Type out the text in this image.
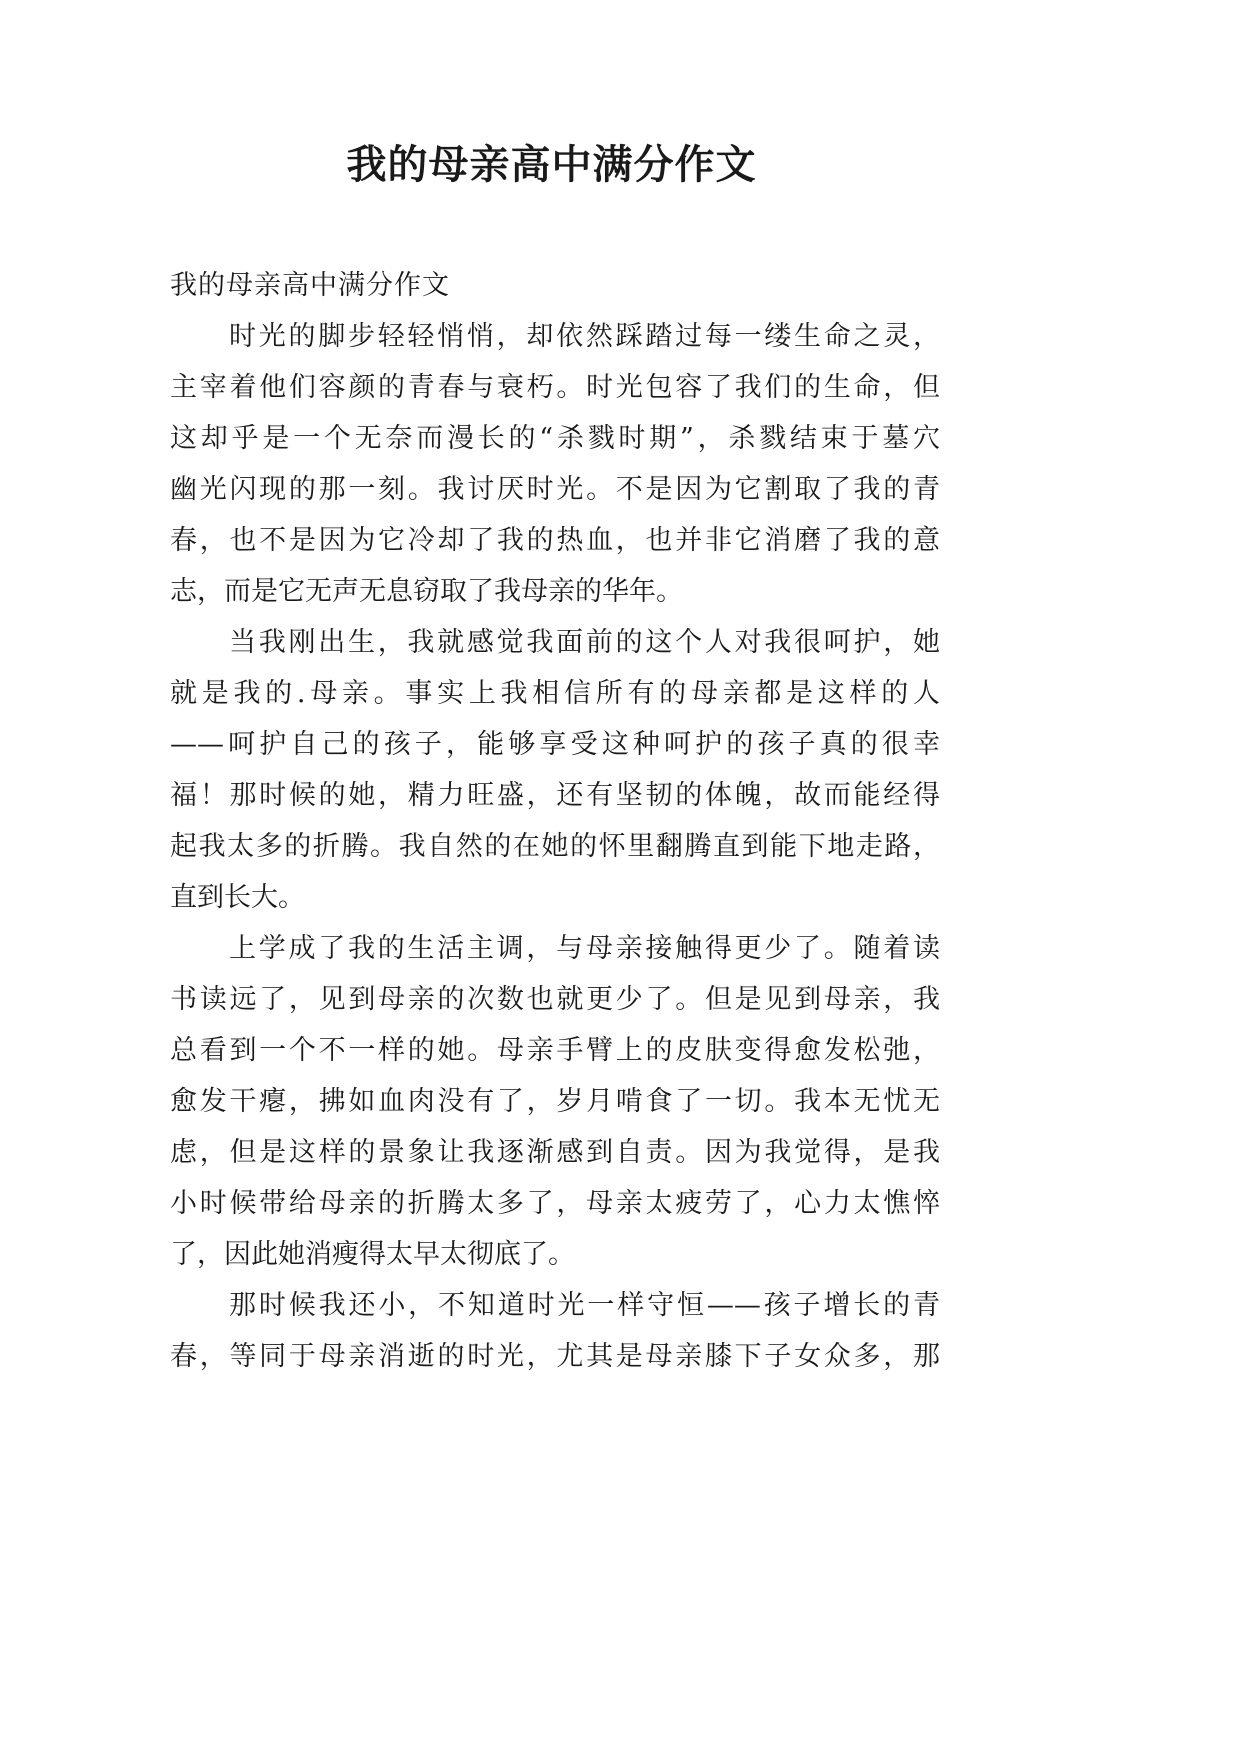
我的母亲高中满分作文
我的母亲高中满分作文
时光的脚步轻轻悄悄，却依然踩踏过每一缕生命之灵，
主宰着他们容颜的青春与衰朽。时光包容了我们的生命，但
这却乎是一个无奈而漫长的“杀戮时期”，杀戮结束于墓穴
幽光闪现的那一刻。我讨厌时光。不是因为它割取了我的青
春，也不是因为它冷却了我的热血，也并非它消磨了我的意
志，而是它无声无息窃取了我母亲的华年。
当我刚出生，我就感觉我面前的这个人对我很呵护，她
就是我的.母亲。事实上我相信所有的母亲都是这样的人
——呵护自己的孩子，能够享受这种呵护的孩子真的很幸
福！那时候的她，精力旺盛，还有坚韧的体魄，故而能经得
起我太多的折腾。我自然的在她的怀里翻腾直到能下地走路，
直到长大。
上学成了我的生活主调，与母亲接触得更少了。随着读
书读远了，见到母亲的次数也就更少了。但是见到母亲，我
总看到一个不一样的她。母亲手臂上的皮肤变得愈发松弛，
愈发干瘪，拂如血肉没有了，岁月啃食了一切。我本无忧无
虑，但是这样的景象让我逐渐感到自责。因为我觉得，是我
小时候带给母亲的折腾太多了，母亲太疲劳了，心力太憔悴
了，因此她消瘦得太早太彻底了。
那时候我还小，不知道时光一样守恒——孩子增长的青
春，等同于母亲消逝的时光，尤其是母亲膝下子女众多，那
